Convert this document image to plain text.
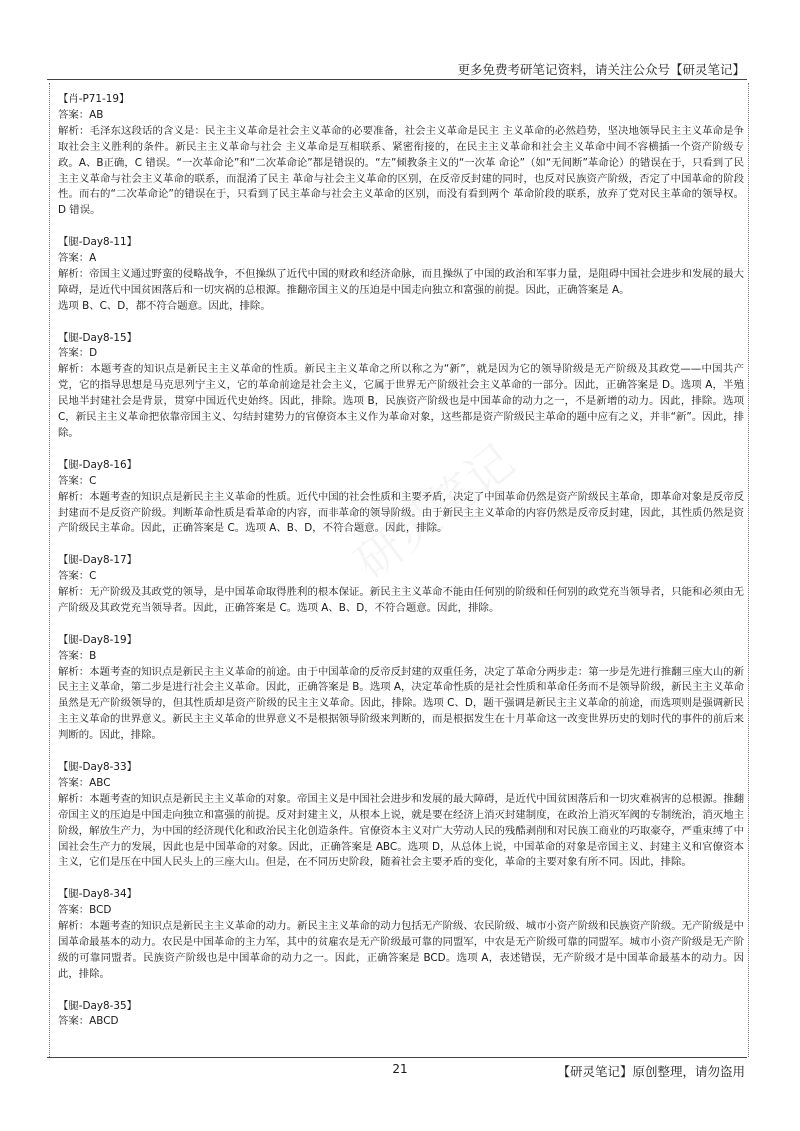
更多免费考研笔记资料，请关注公众号【研灵笔记】

【肖-P71-19】

答案：AB

解析：毛泽东这段话的含义是：民主主义革命是社会主义革命的必要准备，社会主义革命是民主 主义革命的必然趋势，坚决地领导民主主义革命是争取社会主义胜利的条件。新民主主义革命与社会 主义革命是互相联系、紧密衔接的，在民主主义革命和社会主义革命中间不容横插一个资产阶级专 政。A、B正确，C 错误。“一次革命论”和“二次革命论”都是错误的。“左”倾教条主义的“一次革 命论”（如“无间断”革命论）的错误在于，只看到了民主主义革命与社会主义革命的联系，而混淆了民主 革命与社会主义革命的区别，在反帝反封建的同时，也反对民族资产阶级，否定了中国革命的阶段 性。而右的“二次革命论”的错误在于，只看到了民主革命与社会主义革命的区别，而没有看到两个 革命阶段的联系，放弃了党对民主革命的领导权。 D 错误。

【腿-Day8-11】

答案：A

解析：帝国主义通过野蛮的侵略战争，不但操纵了近代中国的财政和经济命脉，而且操纵了中国的政治和军事力量，是阻碍中国社会进步和发展的最大障碍，是近代中国贫困落后和一切灾祸的总根源。推翻帝国主义的压迫是中国走向独立和富强的前提。因此，正确答案是 A。

选项 B、C、D，都不符合题意。因此，排除。

【腿-Day8-15】

答案：D

解析：本题考查的知识点是新民主主义革命的性质。新民主主义革命之所以称之为“新”，就是因为它的领导阶级是无产阶级及其政党——中国共产党，它的指导思想是马克思列宁主义，它的革命前途是社会主义，它属于世界无产阶级社会主义革命的一部分。因此，正确答案是 D。选项 A，半殖民地半封建社会是背景，贯穿中国近代史始终。因此，排除。选项 B，民族资产阶级也是中国革命的动力之一，不是新增的动力。因此，排除。选项 C，新民主主义革命把依靠帝国主义、勾结封建势力的官僚资本主义作为革命对象，这些都是资产阶级民主革命的题中应有之义，并非“新”。因此，排除。

【腿-Day8-16】

答案：C

解析：本题考查的知识点是新民主主义革命的性质。近代中国的社会性质和主要矛盾，决定了中国革命仍然是资产阶级民主革命，即革命对象是反帝反封建而不是反资产阶级。判断革命性质是看革命的内容，而非革命的领导阶级。由于新民主主义革命的内容仍然是反帝反封建，因此，其性质仍然是资产阶级民主革命。因此，正确答案是 C。选项 A、B、D，不符合题意。因此，排除。

【腿-Day8-17】

答案：C

解析：无产阶级及其政党的领导，是中国革命取得胜利的根本保证。新民主主义革命不能由任何别的阶级和任何别的政党充当领导者，只能和必须由无产阶级及其政党充当领导者。因此，正确答案是 C。选项 A、B、D，不符合题意。因此，排除。

【腿-Day8-19】

答案：B

解析：本题考查的知识点是新民主主义革命的前途。由于中国革命的反帝反封建的双重任务，决定了革命分两步走：第一步是先进行推翻三座大山的新民主主义革命，第二步是进行社会主义革命。因此，正确答案是 B。选项 A，决定革命性质的是社会性质和革命任务而不是领导阶级，新民主主义革命虽然是无产阶级领导的，但其性质却是资产阶级的民主主义革命。因此，排除。选项 C、D，题干强调是新民主主义革命的前途，而选项则是强调新民主主义革命的世界意义。新民主主义革命的世界意义不是根据领导阶级来判断的，而是根据发生在十月革命这一改变世界历史的划时代的事件的前后来判断的。因此，排除。

【腿-Day8-33】

答案：ABC

解析：本题考查的知识点是新民主主义革命的对象。帝国主义是中国社会进步和发展的最大障碍，是近代中国贫困落后和一切灾难祸害的总根源。推翻帝国主义的压迫是中国走向独立和富强的前提。反对封建主义，从根本上说，就是要在经济上消灭封建制度，在政治上消灭军阀的专制统治，消灭地主阶级，解放生产力，为中国的经济现代化和政治民主化创造条件。官僚资本主义对广大劳动人民的残酷剥削和对民族工商业的巧取豪夺，严重束缚了中国社会生产力的发展，因此也是中国革命的对象。因此，正确答案是 ABC。选项 D，从总体上说，中国革命的对象是帝国主义、封建主义和官僚资本主义，它们是压在中国人民头上的三座大山。但是，在不同历史阶段，随着社会主要矛盾的变化，革命的主要对象有所不同。因此，排除。

【腿-Day8-34】

答案：BCD

解析：本题考查的知识点是新民主主义革命的动力。新民主主义革命的动力包括无产阶级、农民阶级、城市小资产阶级和民族资产阶级。无产阶级是中国革命最基本的动力。农民是中国革命的主力军，其中的贫雇农是无产阶级最可靠的同盟军，中农是无产阶级可靠的同盟军。城市小资产阶级是无产阶级的可靠同盟者。民族资产阶级也是中国革命的动力之一。因此，正确答案是 BCD。选项 A，表述错误，无产阶级才是中国革命最基本的动力。因此，排除。

【腿-Day8-35】

答案：ABCD

21	【研灵笔记】原创整理，请勿盗用
